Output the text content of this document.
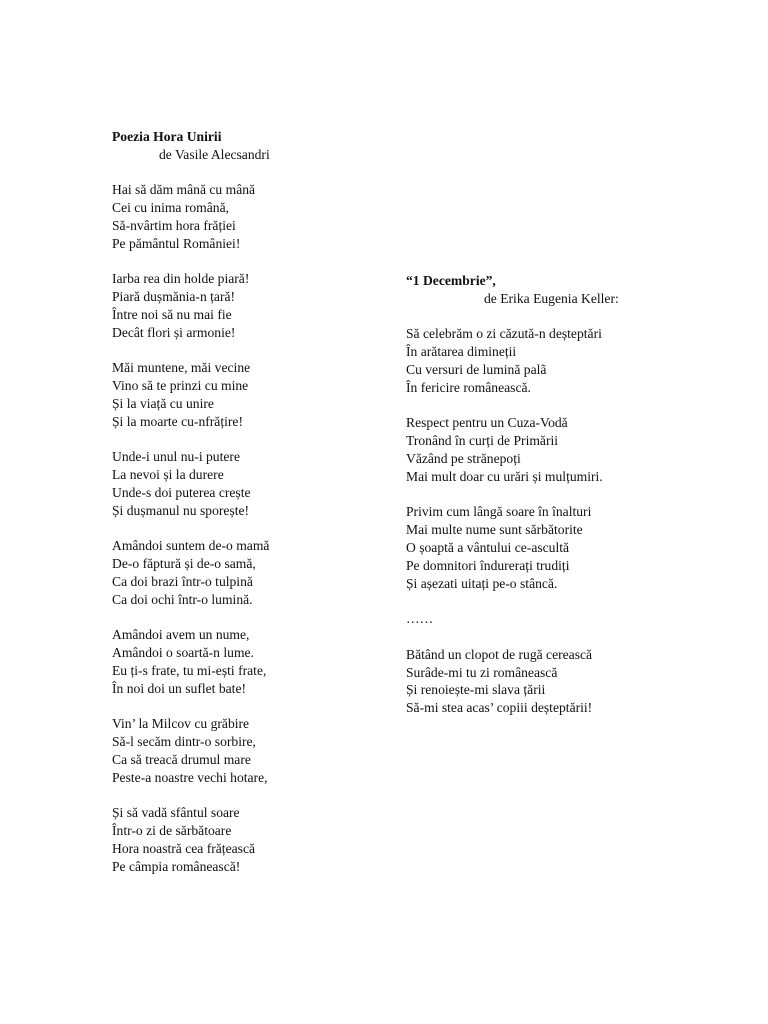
Poezia Hora Unirii
de Vasile Alecsandri
Hai să dăm mână cu mână
Cei cu inima română,
Să-nvârtim hora frăției
Pe pământul României!
Iarba rea din holde piară!
Piară dușmănia-n țară!
Între noi să nu mai fie
Decât flori și armonie!
Măi muntene, măi vecine
Vino să te prinzi cu mine
Și la viață cu unire
Și la moarte cu-nfrățire!
Unde-i unul nu-i putere
La nevoi și la durere
Unde-s doi puterea crește
Și dușmanul nu sporește!
Amândoi suntem de-o mamă
De-o făptură și de-o samă,
Ca doi brazi într-o tulpină
Ca doi ochi într-o lumină.
Amândoi avem un nume,
Amândoi o soartă-n lume.
Eu ți-s frate, tu mi-ești frate,
În noi doi un suflet bate!
Vin’ la Milcov cu grăbire
Să-l secăm dintr-o sorbire,
Ca să treacă drumul mare
Peste-a noastre vechi hotare,
Și să vadă sfântul soare
Într-o zi de sărbătoare
Hora noastră cea frățească
Pe câmpia românească!
“1 Decembrie”,
de Erika Eugenia Keller:
Să celebrăm o zi căzută-n deșteptări
În arătarea dimineții
Cu versuri de lumină palã
În fericire românească.
Respect pentru un Cuza-Vodă
Tronând în curți de Primării
Văzând pe strănepoți
Mai mult doar cu urări și mulțumiri.
Privim cum lângă soare în înalturi
Mai multe nume sunt sărbătorite
O șoaptă a vântului ce-ascultă
Pe domnitori îndurerați trudiți
Și așezati uitați pe-o stâncă.
……
Bătând un clopot de rugă cerească
Surâde-mi tu zi românească
Și renoiește-mi slava țării
Să-mi stea acas’ copiii deșteptării!
